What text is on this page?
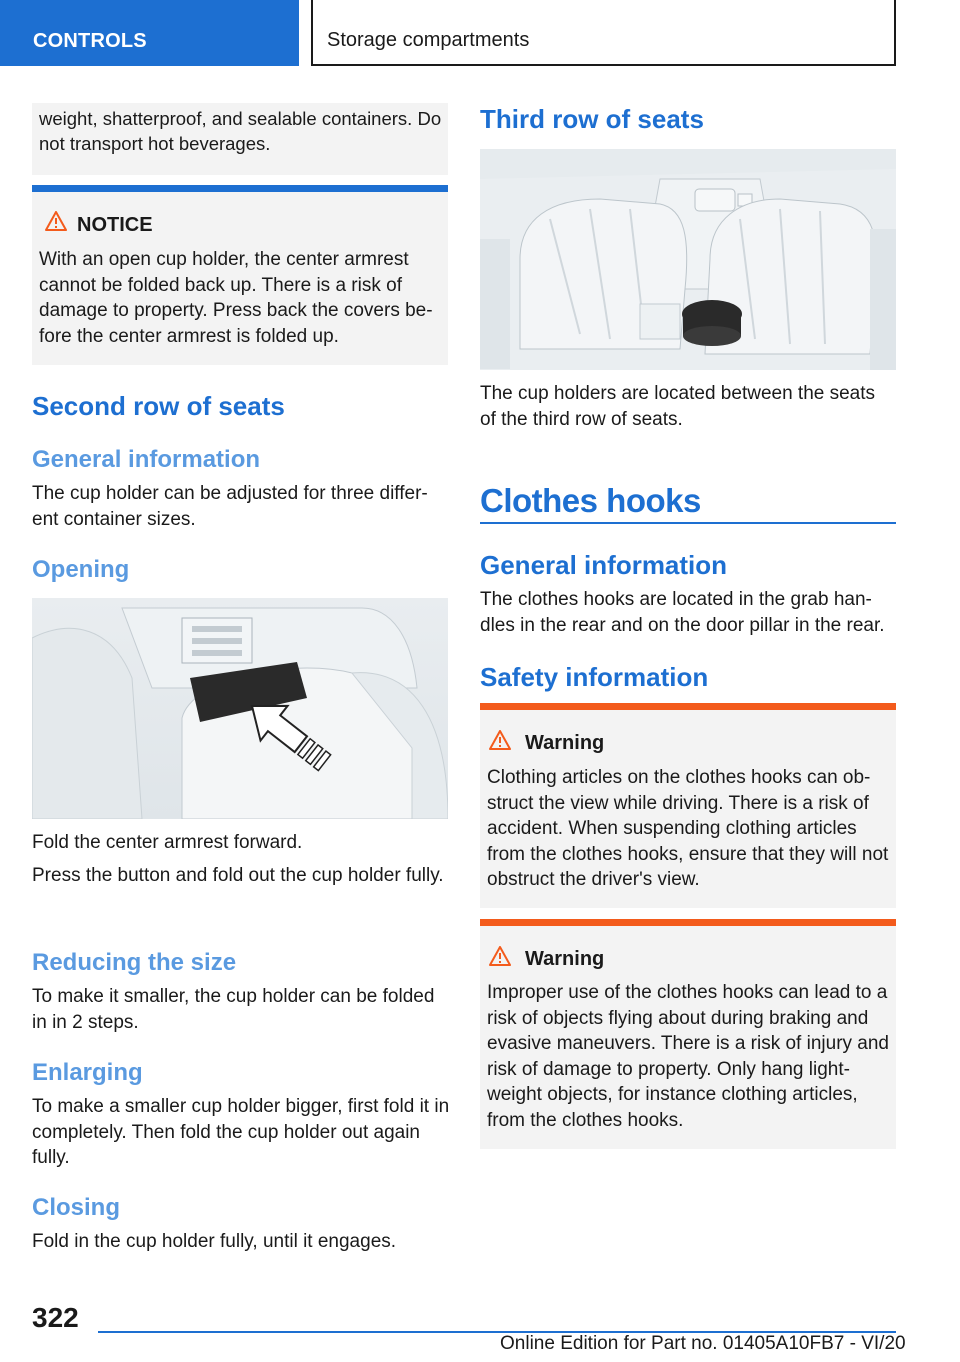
CONTROLS	Storage compartments

weight, shatterproof, and sealable containers. Do not transport hot beverages.

NOTICE

With an open cup holder, the center armrest cannot be folded back up. There is a risk of damage to property. Press back the covers be- fore the center armrest is folded up.

Second row of seats
General information

The cup holder can be adjusted for three differ- ent container sizes.

Opening

Fold the center armrest forward.

Press the button and fold out the cup holder fully.

Reducing the size

To make it smaller, the cup holder can be folded in in 2 steps.

Enlarging

To make a smaller cup holder bigger, first fold it in completely. Then fold the cup holder out again fully.

Closing

Fold in the cup holder fully, until it engages.

Third row of seats

The cup holders are located between the seats of the third row of seats.

Clothes hooks
General information

The clothes hooks are located in the grab han- dles in the rear and on the door pillar in the rear.

Safety information
Warning

Clothing articles on the clothes hooks can ob- struct the view while driving. There is a risk of accident. When suspending clothing articles from the clothes hooks, ensure that they will not obstruct the driver's view.

Warning

Improper use of the clothes hooks can lead to a risk of objects flying about during braking and evasive maneuvers. There is a risk of injury and risk of damage to property. Only hang light- weight objects, for instance clothing articles, from the clothes hooks.

322
Online Edition for Part no. 01405A10FB7 - VI/20
